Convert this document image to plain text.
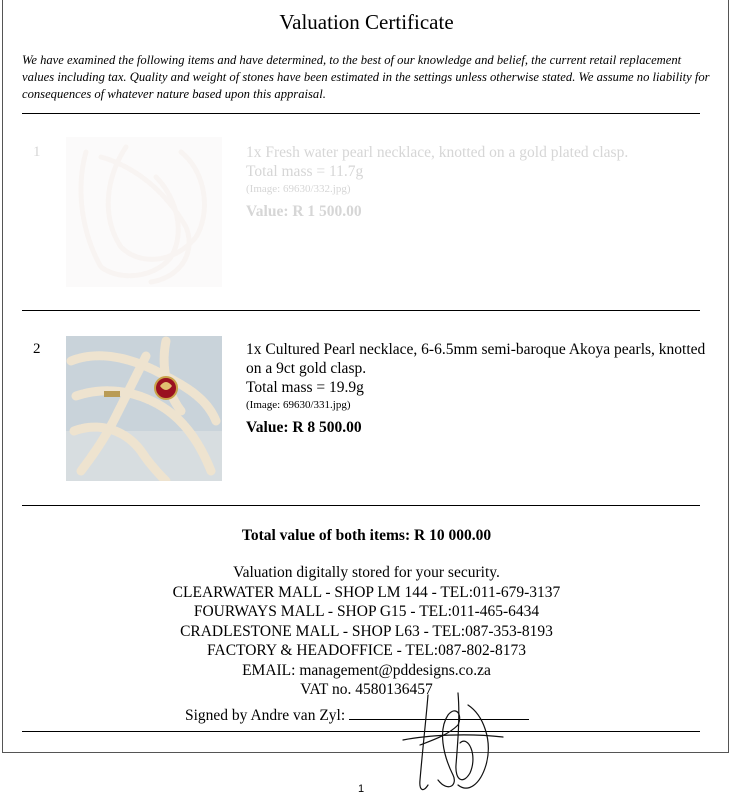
Valuation Certificate
We have examined the following items and have determined, to the best of our knowledge and belief, the current retail replacement values including tax. Quality and weight of stones have been estimated in the settings unless otherwise stated. We assume no liability for consequences of whatever nature based upon this appraisal.
1	1x Fresh water pearl necklace, knotted on a gold plated clasp.
Total mass = 11.7g
(Image: 69630/332.jpg)
Value: R 1 500.00
2	1x Cultured Pearl necklace, 6-6.5mm semi-baroque Akoya pearls, knotted on a 9ct gold clasp.
Total mass = 19.9g
(Image: 69630/331.jpg)
Value: R 8 500.00
Total value of both items: R 10 000.00
Valuation digitally stored for your security.
CLEARWATER MALL - SHOP LM 144 - TEL:011-679-3137
FOURWAYS MALL - SHOP G15 - TEL:011-465-6434
CRADLESTONE MALL - SHOP L63 - TEL:087-353-8193
FACTORY & HEADOFFICE - TEL:087-802-8173
EMAIL: management@pddesigns.co.za
VAT no. 4580136457
Signed by Andre van Zyl:
1
